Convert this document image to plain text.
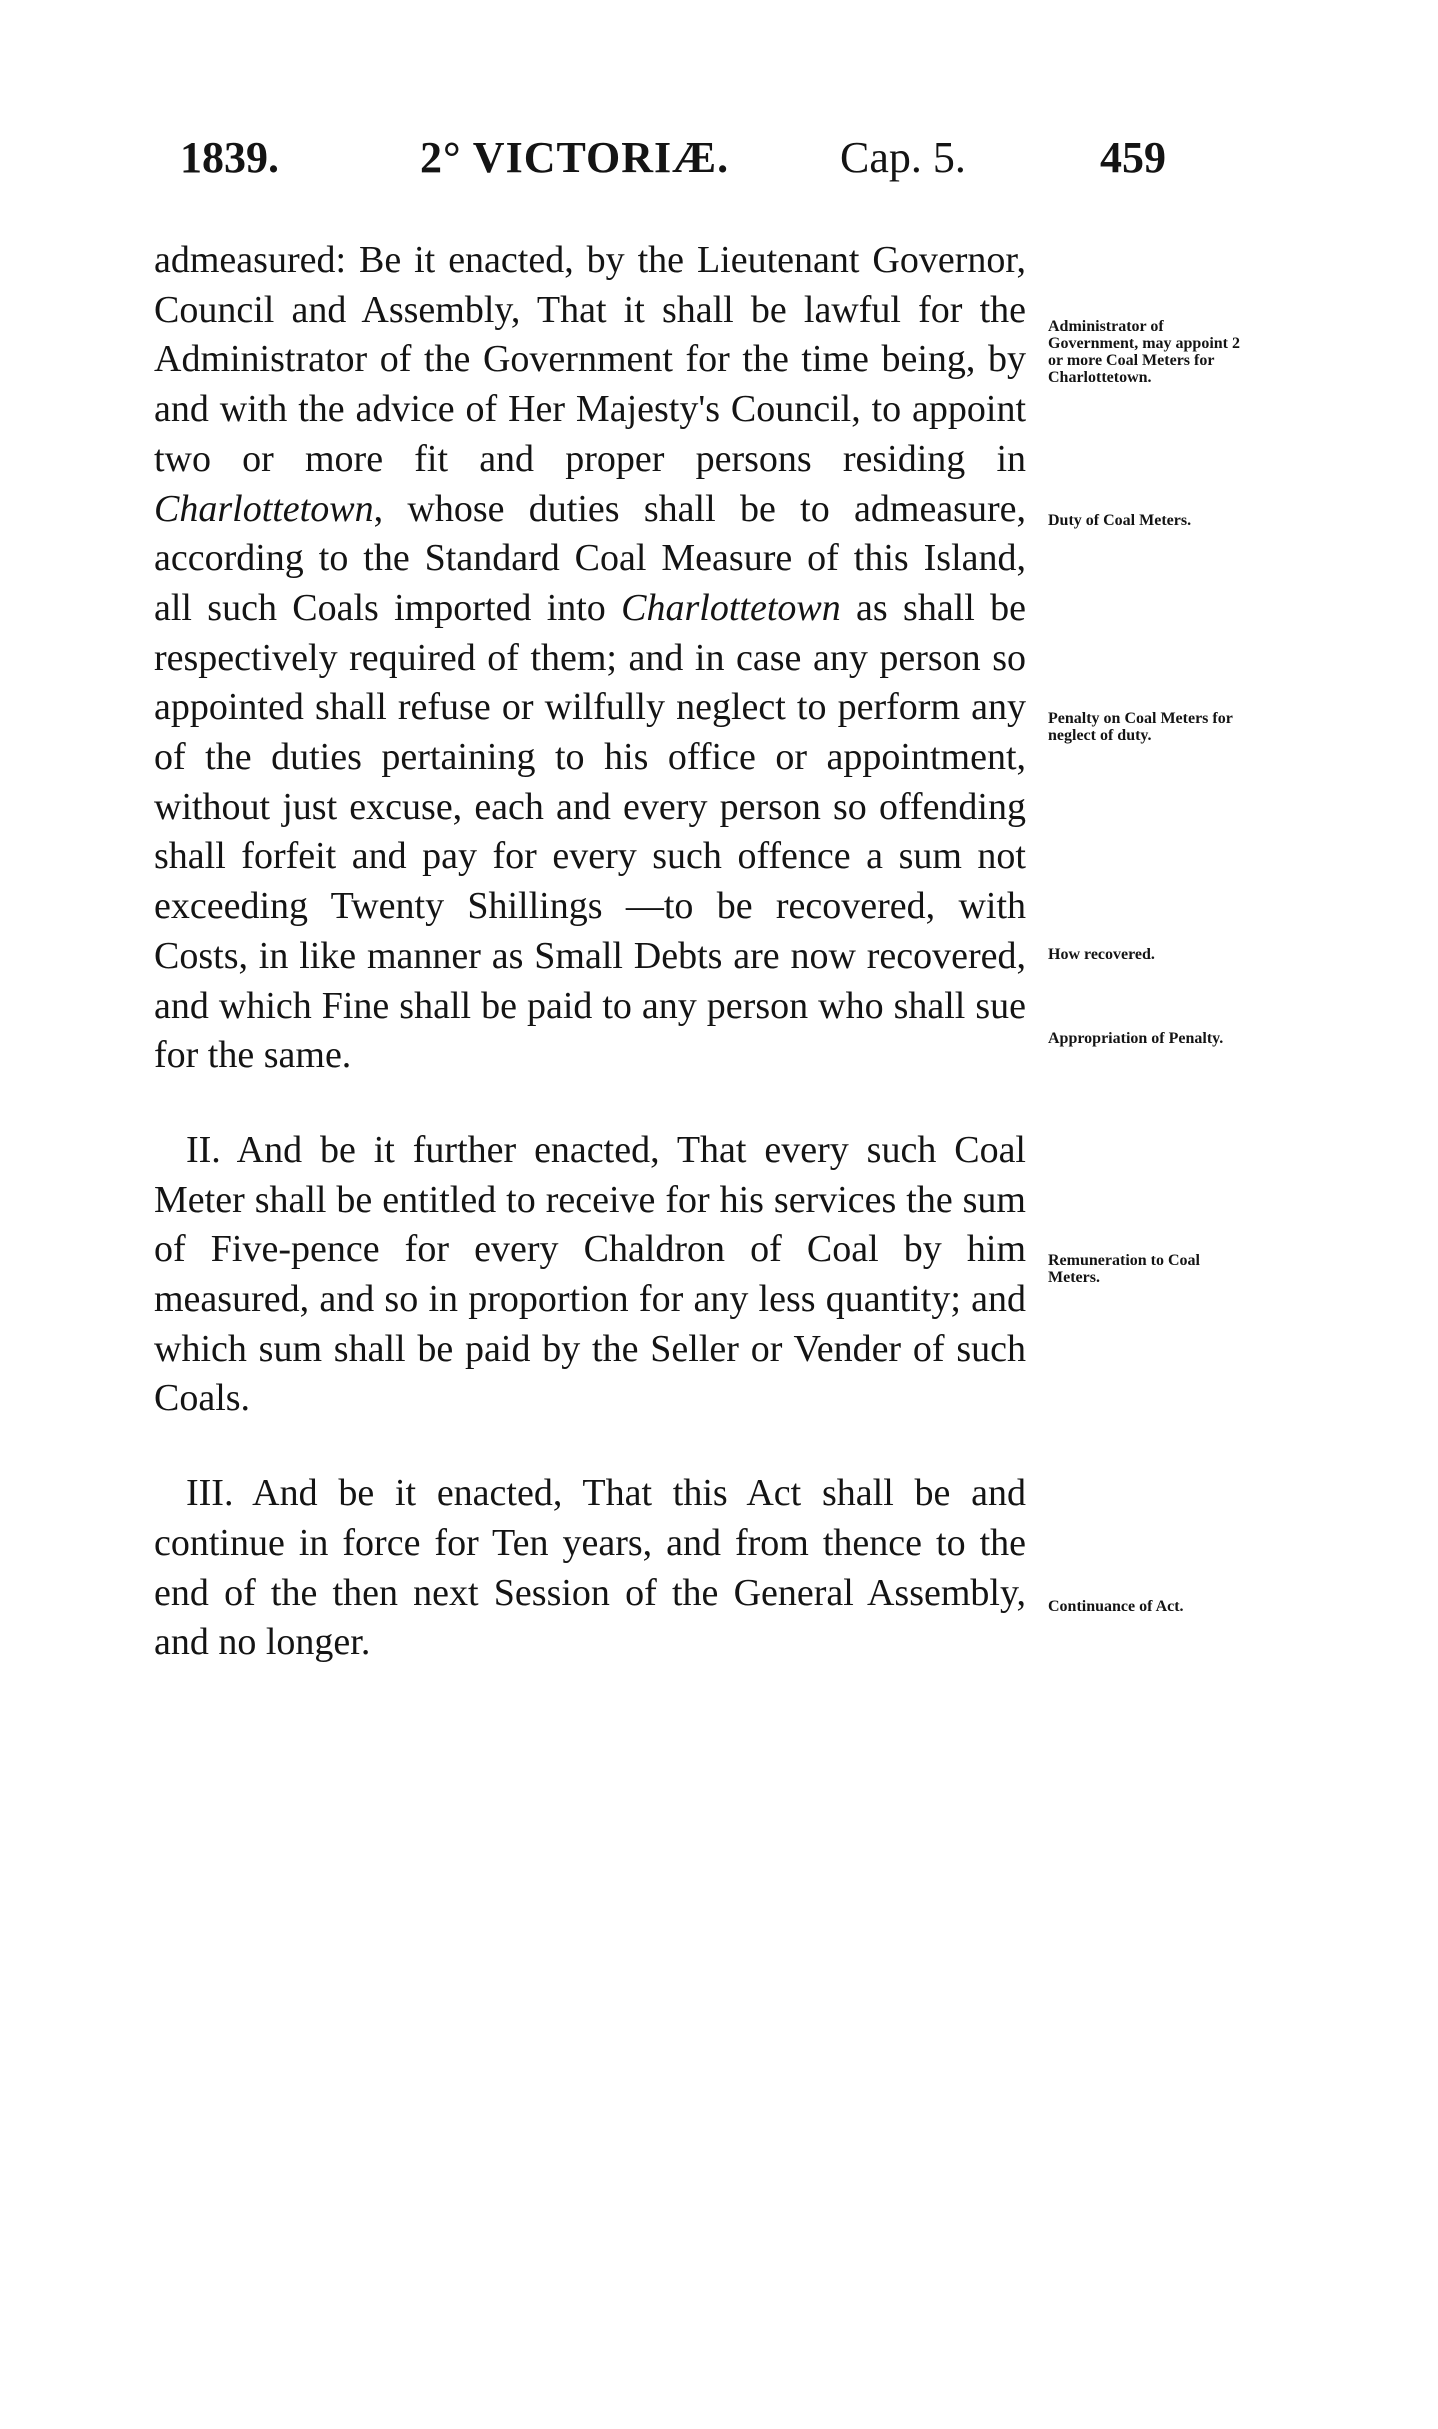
1839.	2° VICTORIÆ.	Cap. 5.	459

admeasured: Be it enacted, by the Lieutenant Governor, Council and Assembly, That it shall be lawful for the Administrator of the Government for the time being, by and with the advice of Her Majesty's Council, to appoint two or more fit and proper persons residing in Charlottetown, whose duties shall be to admeasure, according to the Standard Coal Measure of this Island, all such Coals imported into Charlottetown as shall be respectively required of them; and in case any person so appointed shall refuse or wilfully neglect to perform any of the duties pertaining to his office or appointment, without just excuse, each and every person so offending shall forfeit and pay for every such offence a sum not exceeding Twenty Shillings —to be recovered, with Costs, in like manner as Small Debts are now recovered, and which Fine shall be paid to any person who shall sue for the same.

II. And be it further enacted, That every such Coal Meter shall be entitled to receive for his services the sum of Five-pence for every Chaldron of Coal by him measured, and so in proportion for any less quantity; and which sum shall be paid by the Seller or Vender of such Coals.

III. And be it enacted, That this Act shall be and continue in force for Ten years, and from thence to the end of the then next Session of the General Assembly, and no longer.

Administrator of Government, may appoint 2 or more Coal Meters for Charlottetown.
Duty of Coal Meters.
Penalty on Coal Meters for neglect of duty.
How recovered.
Appropriation of Penalty.
Remuneration to Coal Meters.
Continuance of Act.
